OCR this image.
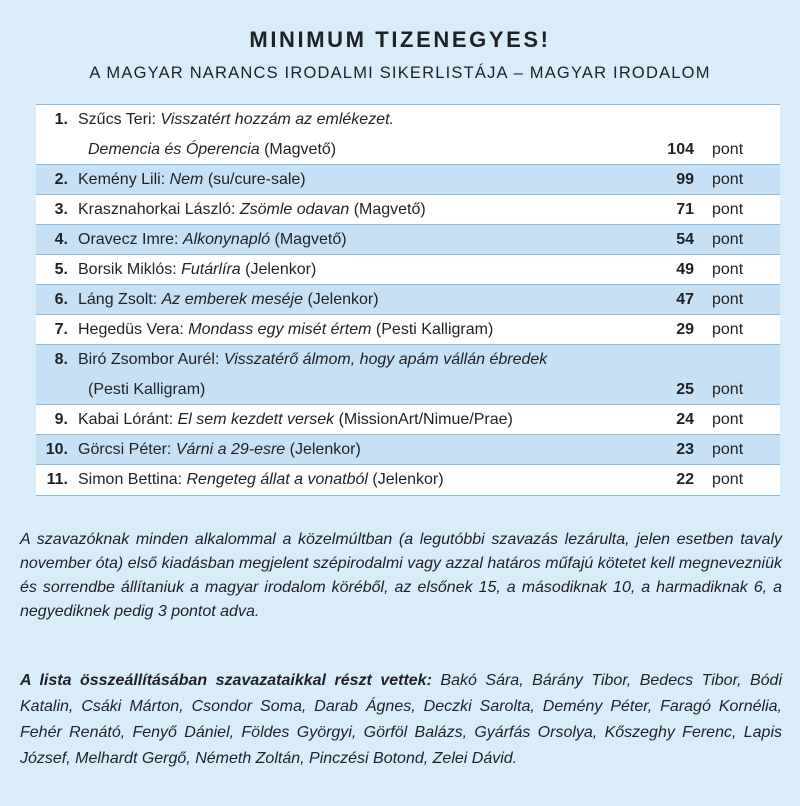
MINIMUM TIZENEGYES!
A MAGYAR NARANCS IRODALMI SIKERLISTÁJA – MAGYAR IRODALOM
1. Szűcs Teri: Visszatért hozzám az emlékezet.
Demencia és Óperencia (Magvető)	104 pont
2. Kemény Lili: Nem (su/cure-sale)	99 pont
3. Krasznahorkai László: Zsömle odavan (Magvető)	71 pont
4. Oravecz Imre: Alkonynapló (Magvető)	54 pont
5. Borsik Miklós: Futárlíra (Jelenkor)	49 pont
6. Láng Zsolt: Az emberek meséje (Jelenkor)	47 pont
7. Hegedüs Vera: Mondass egy misét értem (Pesti Kalligram)	29 pont
8. Biró Zsombor Aurél: Visszatérő álmom, hogy apám vállán ébredek
(Pesti Kalligram)	25 pont
9. Kabai Lóránt: El sem kezdett versek (MissionArt/Nimue/Prae)	24 pont
10. Görcsi Péter: Várni a 29-esre (Jelenkor)	23 pont
11. Simon Bettina: Rengeteg állat a vonatból (Jelenkor)	22 pont
A szavazóknak minden alkalommal a közelmúltban (a legutóbbi szavazás lezárulta, jelen esetben tavaly november óta) első kiadásban megjelent szépirodalmi vagy azzal határos műfajú kötetet kell megnevezniük és sorrendbe állítaniuk a magyar irodalom köréből, az elsőnek 15, a másodiknak 10, a harmadiknak 6, a negyediknek pedig 3 pontot adva.
A lista összeállításában szavazataikkal részt vettek: Bakó Sára, Bárány Tibor, Bedecs Tibor, Bódi Katalin, Csáki Márton, Csondor Soma, Darab Ágnes, Deczki Sarolta, Demény Péter, Faragó Kornélia, Fehér Renátó, Fenyő Dániel, Földes Györgyi, Görföl Balázs, Gyárfás Orsolya, Kőszeghy Ferenc, Lapis József, Melhardt Gergő, Németh Zoltán, Pinczési Botond, Zelei Dávid.
